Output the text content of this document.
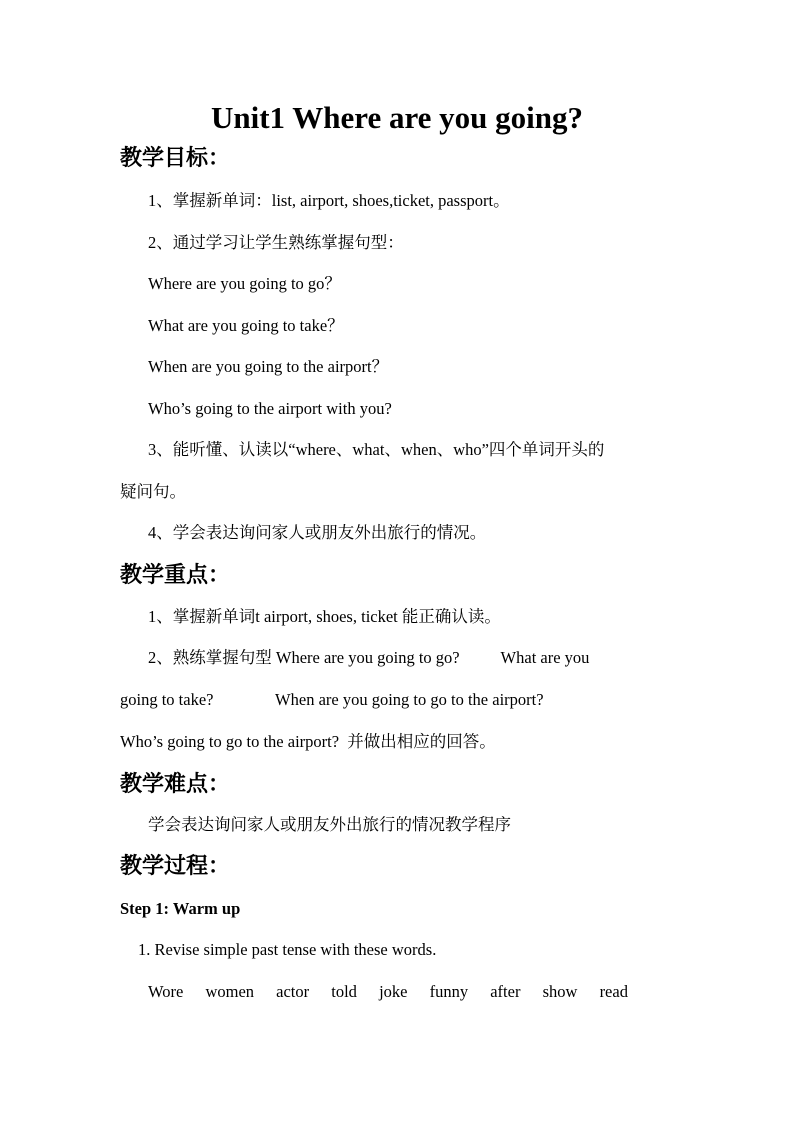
Unit1 Where are you going?
教学目标：
1、掌握新单词：list, airport, shoes,ticket, passport。
2、通过学习让学生熟练掌握句型：
Where are you going to go？
What are you going to take？
When are you going to the airport？
Who’s going to the airport with you?
3、能听懂、认读以“where、what、when、who”四个单词开头的
疑问句。
4、学会表达询问家人或朋友外出旅行的情况。
教学重点：
1、掌握新单词t airport, shoes, ticket 能正确认读。
2、熟练掌握句型 Where are you going to go?          What are you
going to take?               When are you going to go to the airport?
Who’s going to go to the airport?  并做出相应的回答。
教学难点：
学会表达询问家人或朋友外出旅行的情况教学程序
教学过程：
Step 1: Warm up
1. Revise simple past tense with these words.
Wore women actor told joke funny after show read
